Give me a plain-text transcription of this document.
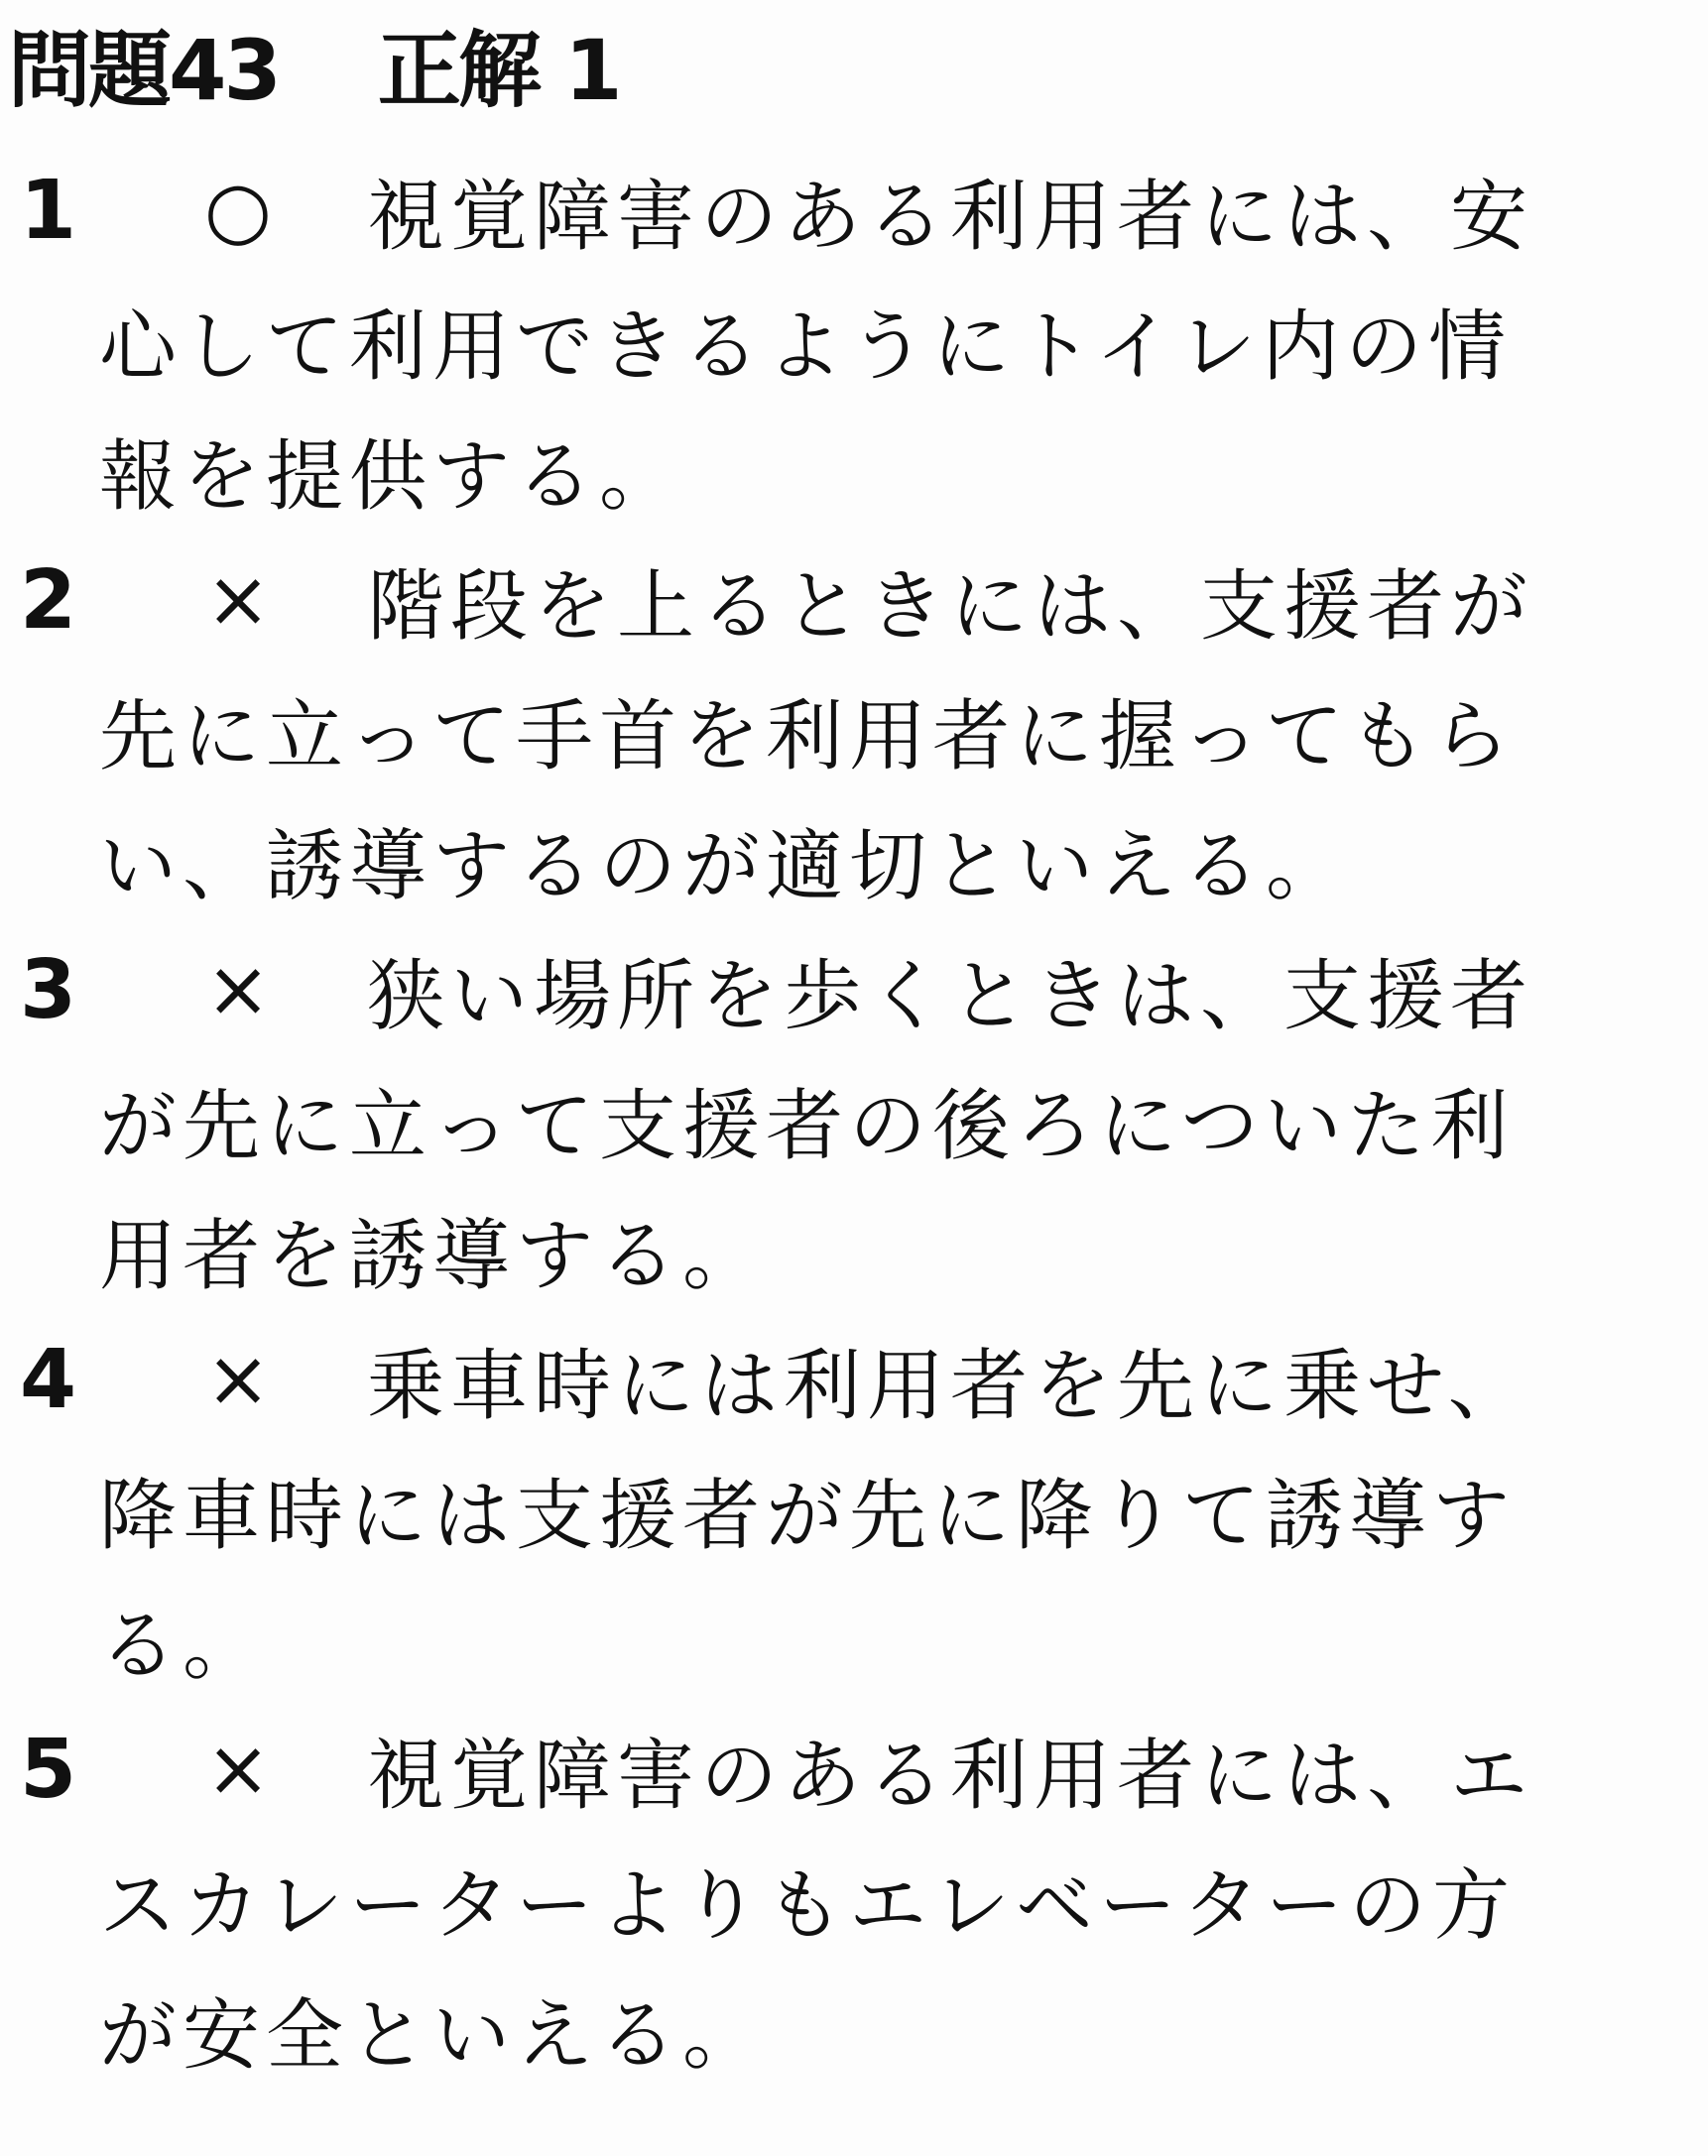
問題43 正解 1
1	○	視覚障害のある利用者には、安
心して利用できるようにトイレ内の情
報を提供する。
2	×	階段を上るときには、支援者が
先に立って手首を利用者に握ってもら
い、誘導するのが適切といえる。
3	×	狭い場所を歩くときは、支援者
が先に立って支援者の後ろについた利
用者を誘導する。
4	×	乗車時には利用者を先に乗せ、
降車時には支援者が先に降りて誘導す
る。
5	×	視覚障害のある利用者には、エ
スカレーターよりもエレベーターの方
が安全といえる。
